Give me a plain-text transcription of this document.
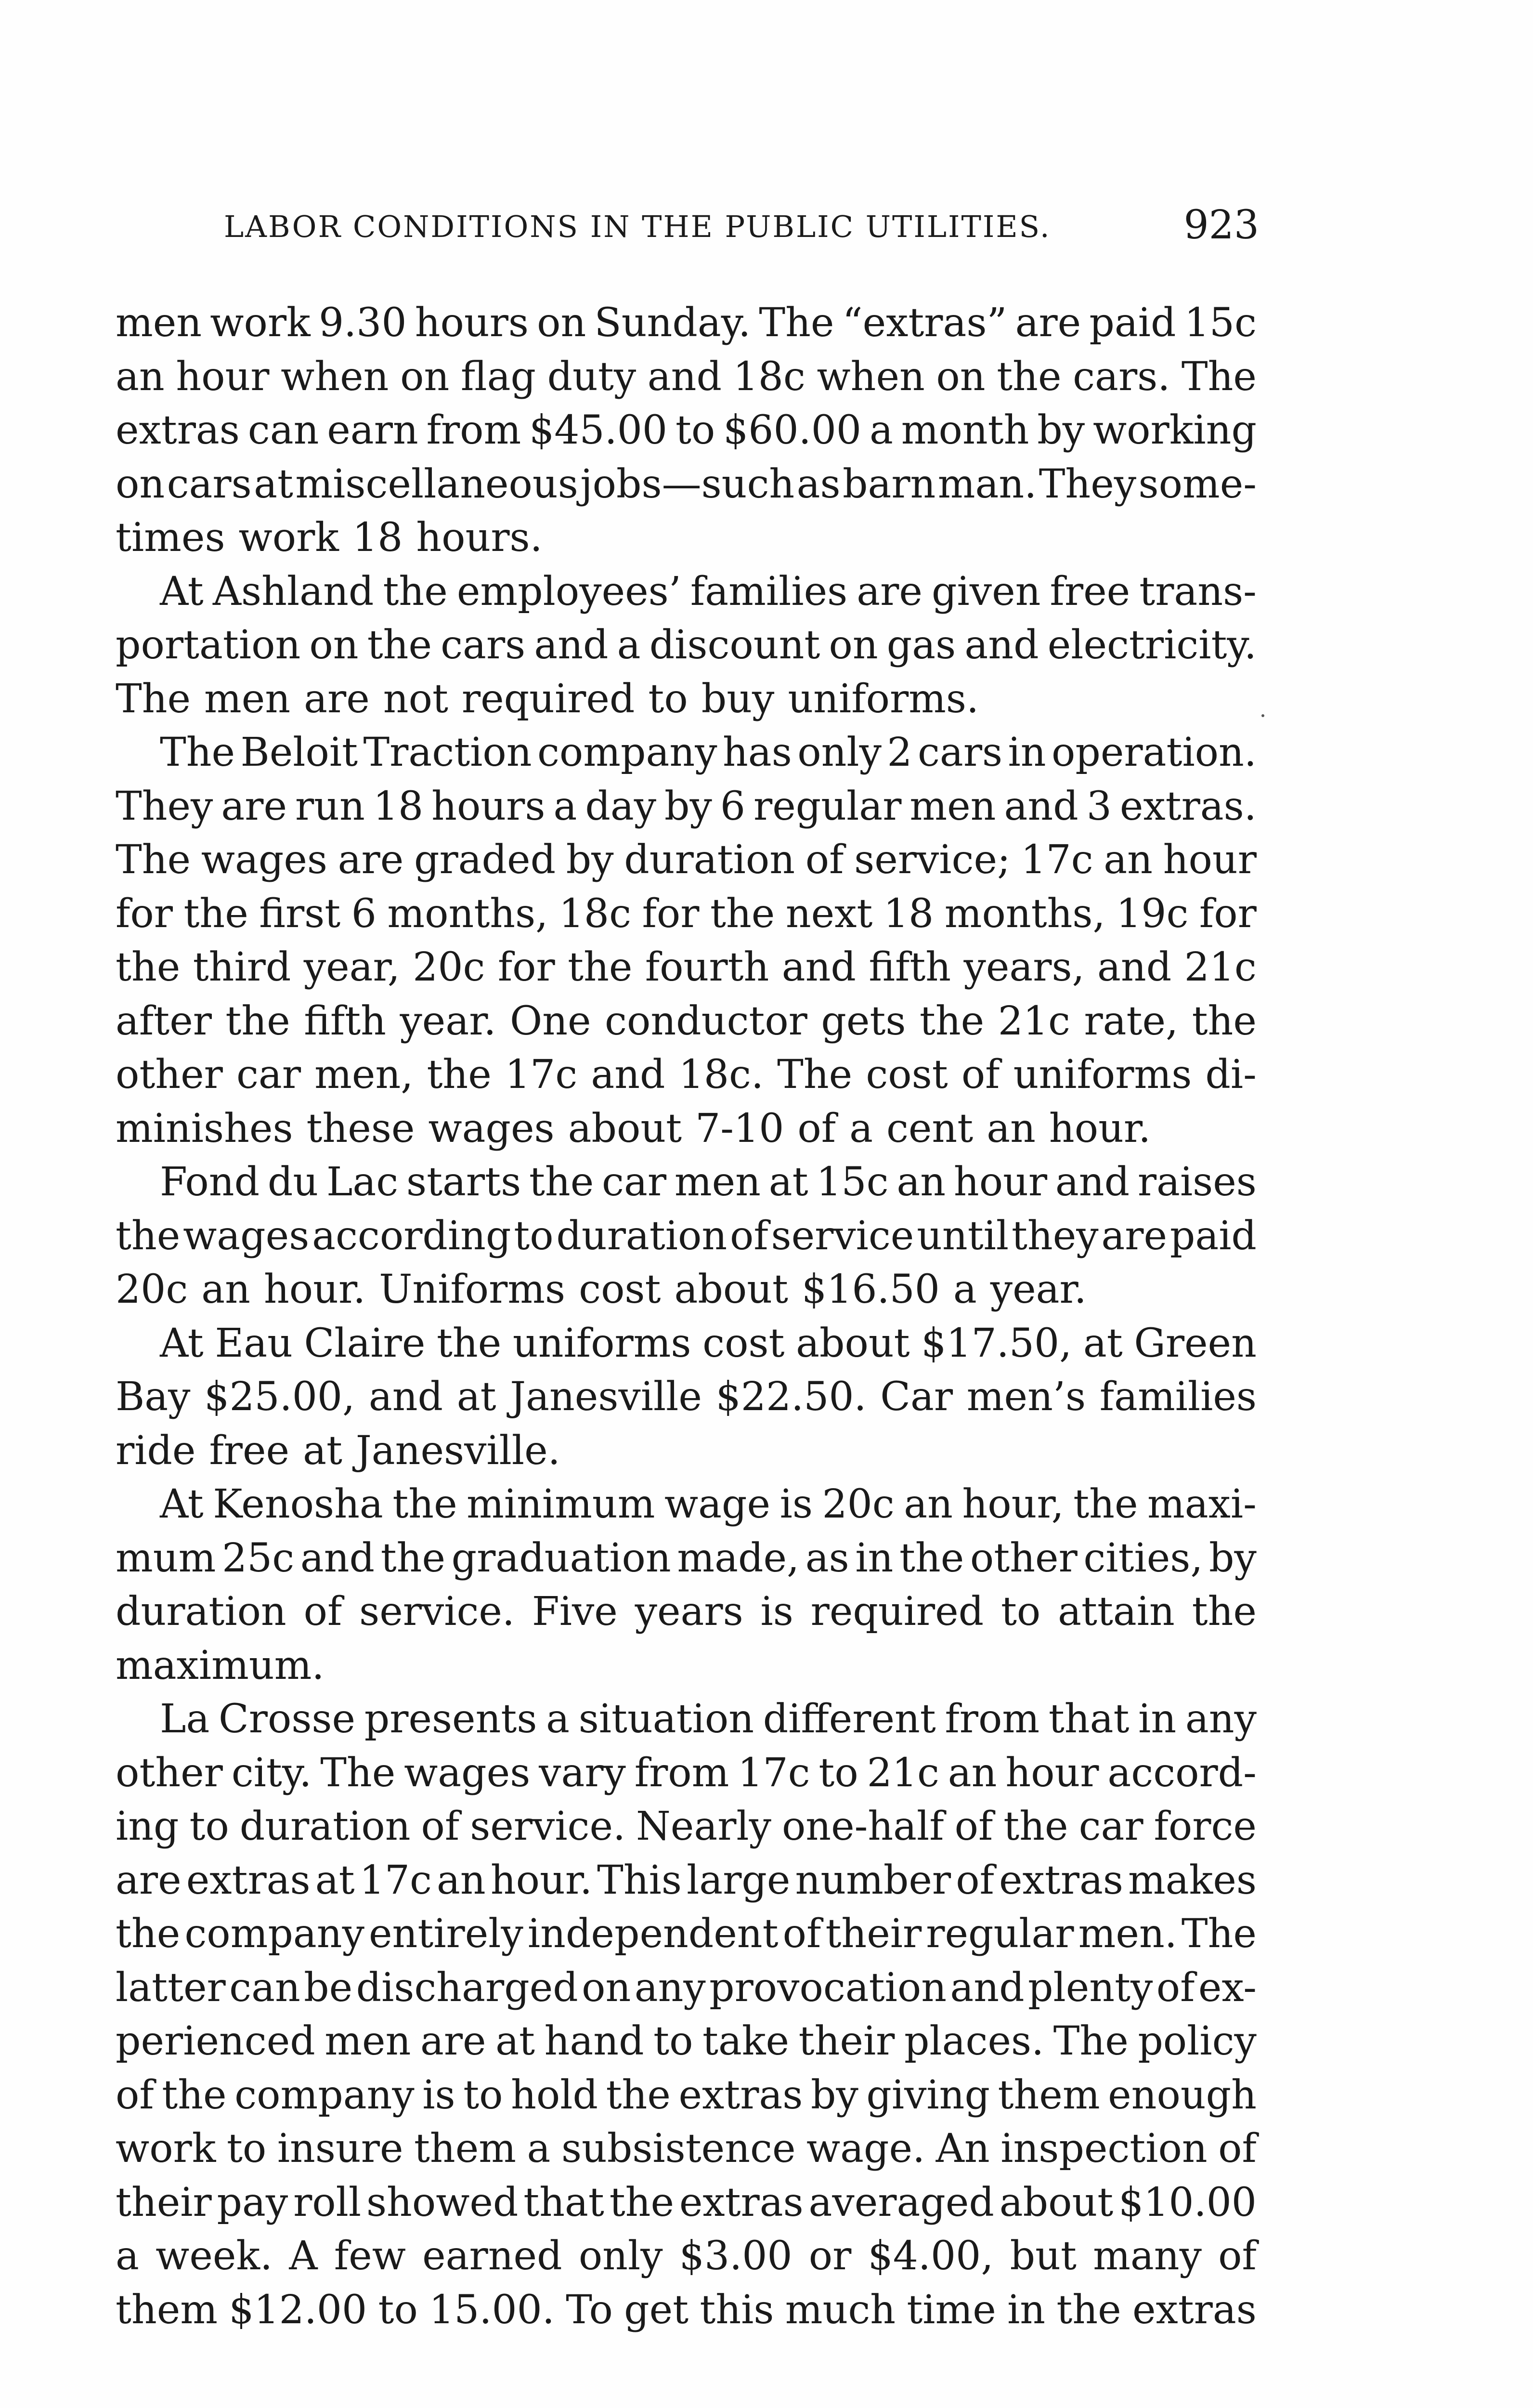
LABOR CONDITIONS IN THE PUBLIC UTILITIES.	923
men work 9.30 hours on Sunday. The “extras” are paid 15c
an hour when on flag duty and 18c when on the cars. The
extras can earn from $45.00 to $60.00 a month by working
on cars at miscellaneous jobs—such as barn man. They some-
times work 18 hours.
At Ashland the employees’ families are given free trans-
portation on the cars and a discount on gas and electricity.
The men are not required to buy uniforms.
The Beloit Traction company has only 2 cars in operation.
They are run 18 hours a day by 6 regular men and 3 extras.
The wages are graded by duration of service; 17c an hour
for the first 6 months, 18c for the next 18 months, 19c for
the third year, 20c for the fourth and fifth years, and 21c
after the fifth year. One conductor gets the 21c rate, the
other car men, the 17c and 18c. The cost of uniforms di-
minishes these wages about 7-10 of a cent an hour.
Fond du Lac starts the car men at 15c an hour and raises
the wages according to duration of service until they are paid
20c an hour. Uniforms cost about $16.50 a year.
At Eau Claire the uniforms cost about $17.50, at Green
Bay $25.00, and at Janesville $22.50. Car men’s families
ride free at Janesville.
At Kenosha the minimum wage is 20c an hour, the maxi-
mum 25c and the graduation made, as in the other cities, by
duration of service. Five years is required to attain the
maximum.
La Crosse presents a situation different from that in any
other city. The wages vary from 17c to 21c an hour accord-
ing to duration of service. Nearly one-half of the car force
are extras at 17c an hour. This large number of extras makes
the company entirely independent of their regular men. The
latter can be discharged on any provocation and plenty of ex-
perienced men are at hand to take their places. The policy
of the company is to hold the extras by giving them enough
work to insure them a subsistence wage. An inspection of
their pay roll showed that the extras averaged about $10.00
a week. A few earned only $3.00 or $4.00, but many of
them $12.00 to 15.00. To get this much time in the extras
